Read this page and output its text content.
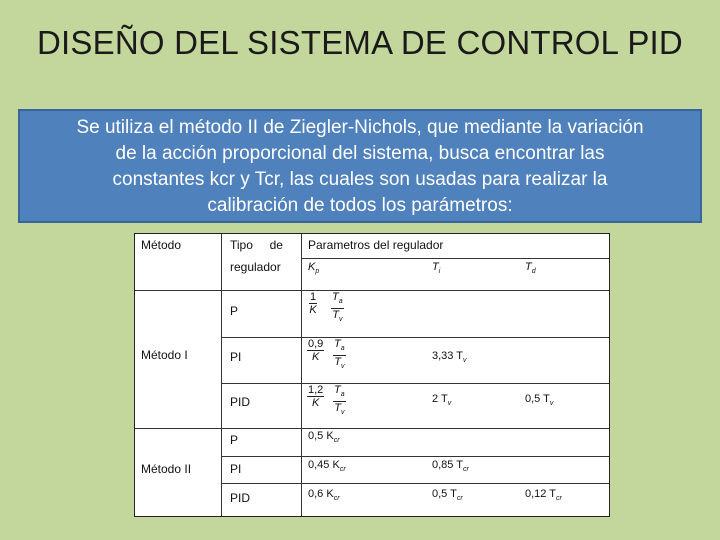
DISEÑO DEL SISTEMA DE CONTROL PID
Se utiliza el método II de Ziegler-Nichols, que mediante la variación
de la acción proporcional del sistema, busca encontrar las
constantes kcr y Tcr, las cuales son usadas para realizar la
calibración de todos los parámetros:
Método	Tipo     de
regulador
Parametros del regulador
$K_p$	$T_i$	$T_d$
Método I
P	$\frac{1}{K} \frac{T_a}{T_v}$
PI	$\frac{0,9}{K} \frac{T_a}{T_v}$	3,33 $T_v$
PID	$\frac{1,2}{K} \frac{T_a}{T_v}$	2 $T_v$	0,5 $T_v$
Método II
P	0,5 $K_{cr}$
PI	0,45 $K_{cr}$	0,85 $T_{cr}$
PID	0,6 $K_{cr}$	0,5 $T_{cr}$	0,12 $T_{cr}$
